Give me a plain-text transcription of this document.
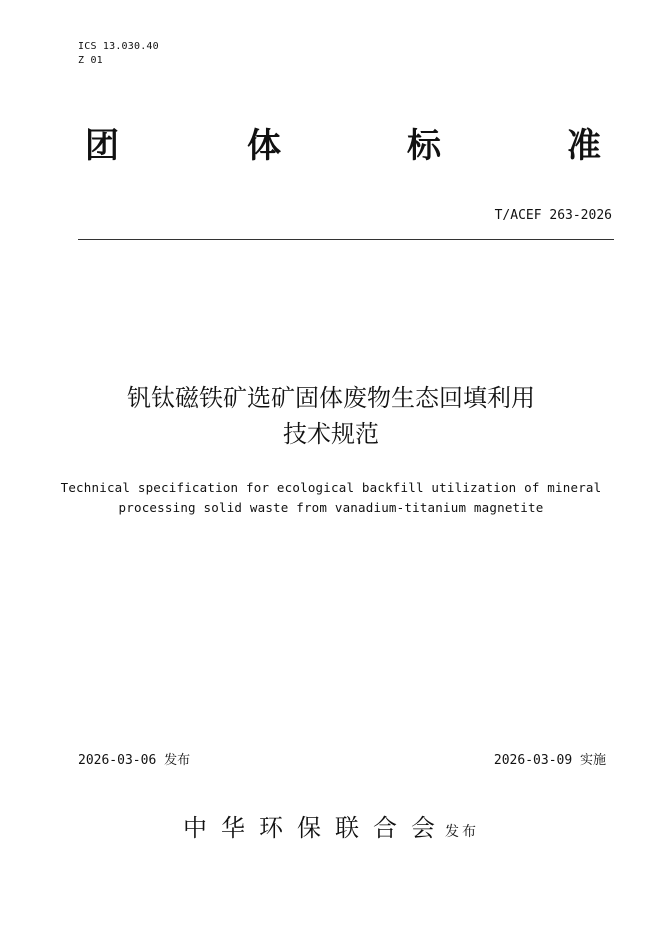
ICS 13.030.40
Z 01
团	体	标	准
T/ACEF 263-2026
钒钛磁铁矿选矿固体废物生态回填利用
技术规范
Technical specification for ecological backfill utilization of mineral
processing solid waste from vanadium-titanium magnetite
2026-03-06 发布	2026-03-09 实施
中华环保联合会发布
